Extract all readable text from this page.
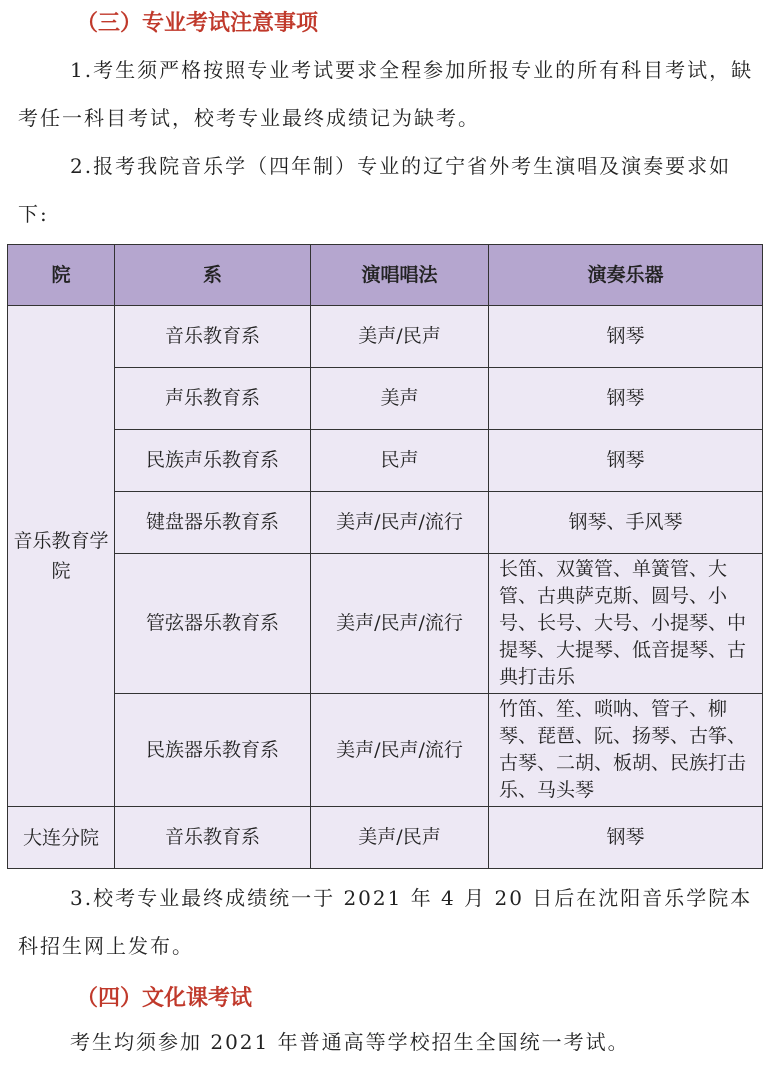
（三）专业考试注意事项

1.考生须严格按照专业考试要求全程参加所报专业的所有科目考试，缺考任一科目考试，校考专业最终成绩记为缺考。

2.报考我院音乐学（四年制）专业的辽宁省外考生演唱及演奏要求如下:

院	系	演唱唱法	演奏乐器
音乐教育学院	音乐教育系	美声/民声	钢琴
	声乐教育系	美声	钢琴
	民族声乐教育系	民声	钢琴
	键盘器乐教育系	美声/民声/流行	钢琴、手风琴
	管弦器乐教育系	美声/民声/流行	长笛、双簧管、单簧管、大管、古典萨克斯、圆号、小号、长号、大号、小提琴、中提琴、大提琴、低音提琴、古典打击乐
	民族器乐教育系	美声/民声/流行	竹笛、笙、唢呐、管子、柳琴、琵琶、阮、扬琴、古筝、古琴、二胡、板胡、民族打击乐、马头琴
大连分院	音乐教育系	美声/民声	钢琴

3.校考专业最终成绩统一于 2021 年 4 月 20 日后在沈阳音乐学院本科招生网上发布。

（四）文化课考试

考生均须参加 2021 年普通高等学校招生全国统一考试。
